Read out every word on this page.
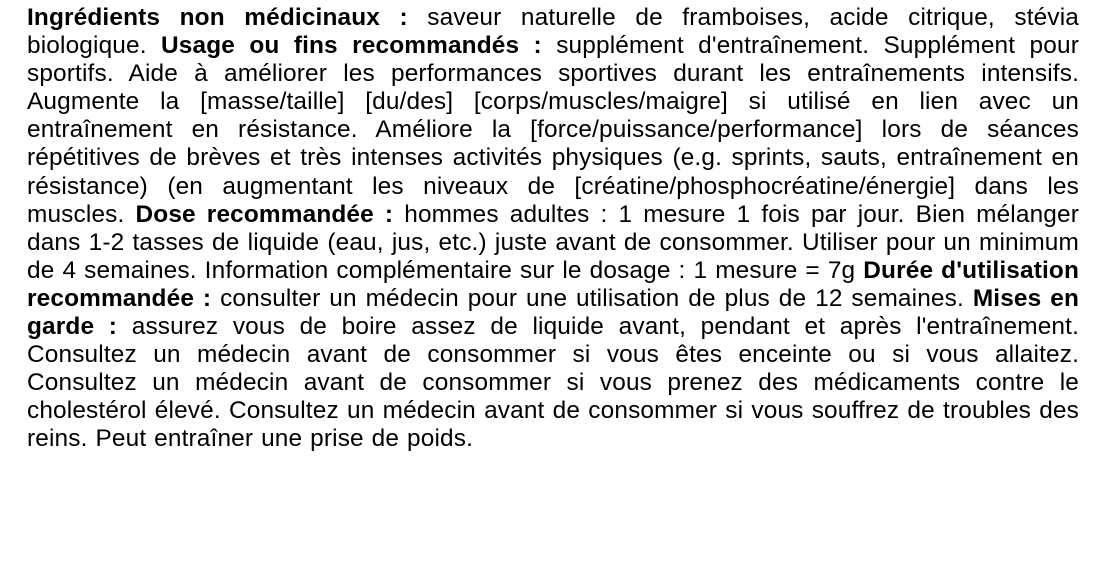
Ingrédients non médicinaux : saveur naturelle de framboises, acide citrique, stévia biologique. Usage ou fins recommandés : supplément d'entraînement. Supplément pour sportifs. Aide à améliorer les performances sportives durant les entraînements intensifs. Augmente la [masse/taille] [du/des] [corps/muscles/maigre] si utilisé en lien avec un entraînement en résistance. Améliore la [force/puissance/performance] lors de séances répétitives de brèves et très intenses activités physiques (e.g. sprints, sauts, entraînement en résistance) (en augmentant les niveaux de [créatine/phosphocréatine/énergie] dans les muscles. Dose recommandée : hommes adultes : 1 mesure 1 fois par jour. Bien mélanger dans 1-2 tasses de liquide (eau, jus, etc.) juste avant de consommer. Utiliser pour un minimum de 4 semaines. Information complémentaire sur le dosage : 1 mesure = 7g Durée d'utilisation recommandée : consulter un médecin pour une utilisation de plus de 12 semaines. Mises en garde : assurez vous de boire assez de liquide avant, pendant et après l'entraînement. Consultez un médecin avant de consommer si vous êtes enceinte ou si vous allaitez. Consultez un médecin avant de consommer si vous prenez des médicaments contre le cholestérol élevé. Consultez un médecin avant de consommer si vous souffrez de troubles des reins. Peut entraîner une prise de poids.
